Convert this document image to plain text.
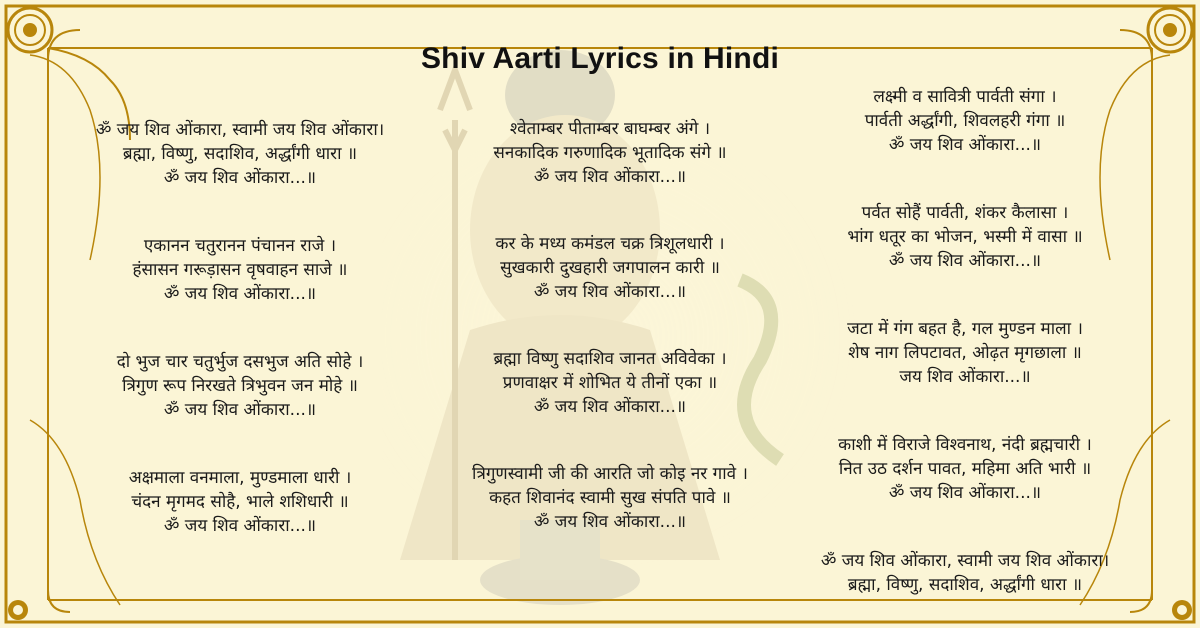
Shiv Aarti Lyrics in Hindi
ॐ जय शिव ओंकारा, स्वामी जय शिव ओंकारा।
ब्रह्मा, विष्णु, सदाशिव, अर्द्धांगी धारा ॥
ॐ जय शिव ओंकारा...॥
एकानन चतुरानन पंचानन राजे ।
हंसासन गरूड़ासन वृषवाहन साजे ॥
ॐ जय शिव ओंकारा...॥
दो भुज चार चतुर्भुज दसभुज अति सोहे ।
त्रिगुण रूप निरखते त्रिभुवन जन मोहे ॥
ॐ जय शिव ओंकारा...॥
अक्षमाला वनमाला, मुण्डमाला धारी ।
चंदन मृगमद सोहै, भाले शशिधारी ॥
ॐ जय शिव ओंकारा...॥
श्वेताम्बर पीताम्बर बाघम्बर अंगे ।
सनकादिक गरुणादिक भूतादिक संगे ॥
ॐ जय शिव ओंकारा...॥
कर के मध्य कमंडल चक्र त्रिशूलधारी ।
सुखकारी दुखहारी जगपालन कारी ॥
ॐ जय शिव ओंकारा...॥
ब्रह्मा विष्णु सदाशिव जानत अविवेका ।
प्रणवाक्षर में शोभित ये तीनों एका ॥
ॐ जय शिव ओंकारा...॥
त्रिगुणस्वामी जी की आरति जो कोइ नर गावे ।
कहत शिवानंद स्वामी सुख संपति पावे ॥
ॐ जय शिव ओंकारा...॥
लक्ष्मी व सावित्री पार्वती संगा ।
पार्वती अर्द्धांगी, शिवलहरी गंगा ॥
ॐ जय शिव ओंकारा...॥
पर्वत सोहैं पार्वती, शंकर कैलासा ।
भांग धतूर का भोजन, भस्मी में वासा ॥
ॐ जय शिव ओंकारा...॥
जटा में गंग बहत है, गल मुण्डन माला ।
शेष नाग लिपटावत, ओढ़त मृगछाला ॥
जय शिव ओंकारा...॥
काशी में विराजे विश्वनाथ, नंदी ब्रह्मचारी ।
नित उठ दर्शन पावत, महिमा अति भारी ॥
ॐ जय शिव ओंकारा...॥
ॐ जय शिव ओंकारा, स्वामी जय शिव ओंकारा।
ब्रह्मा, विष्णु, सदाशिव, अर्द्धांगी धारा ॥
